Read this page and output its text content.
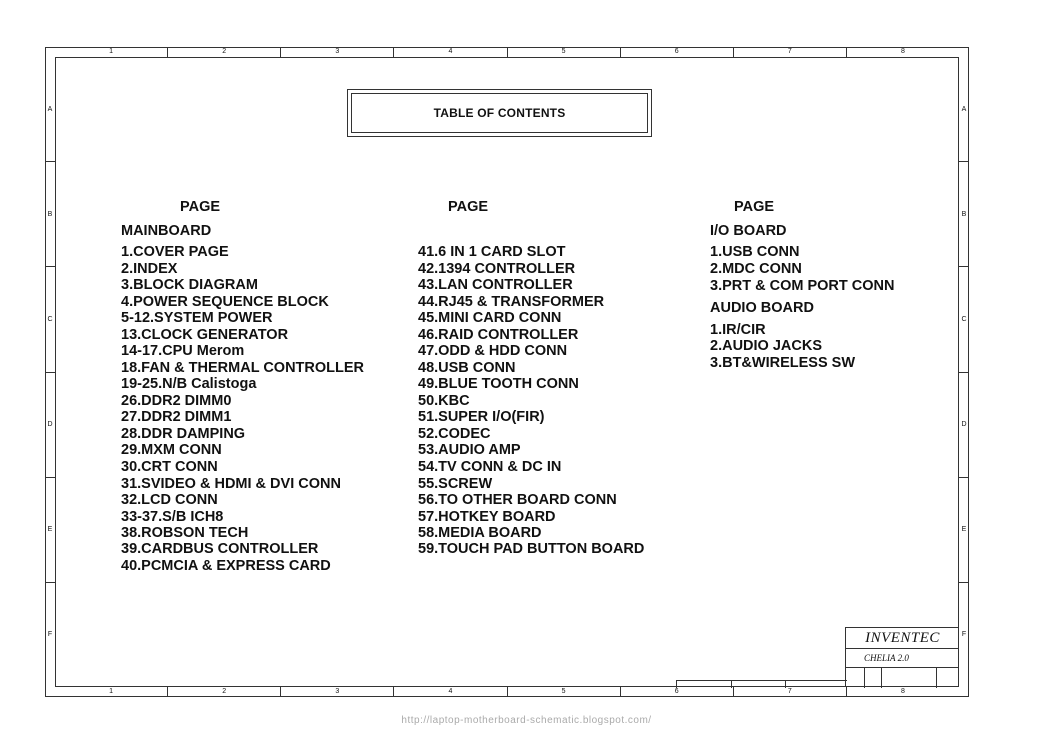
1	2	3	4	5	6	7	8
1	2	3	4	5	6	7	8
A
B
C
D
E
F
A
B
C
D
E
F
TABLE OF CONTENTS
PAGE
MAINBOARD
1.COVER PAGE
2.INDEX
3.BLOCK DIAGRAM
4.POWER SEQUENCE BLOCK
5-12.SYSTEM POWER
13.CLOCK GENERATOR
14-17.CPU Merom
18.FAN & THERMAL CONTROLLER
19-25.N/B Calistoga
26.DDR2 DIMM0
27.DDR2 DIMM1
28.DDR DAMPING
29.MXM CONN
30.CRT CONN
31.SVIDEO & HDMI & DVI CONN
32.LCD CONN
33-37.S/B ICH8
38.ROBSON TECH
39.CARDBUS CONTROLLER
40.PCMCIA & EXPRESS CARD
PAGE
41.6 IN 1 CARD SLOT
42.1394 CONTROLLER
43.LAN CONTROLLER
44.RJ45 & TRANSFORMER
45.MINI CARD CONN
46.RAID CONTROLLER
47.ODD & HDD CONN
48.USB CONN
49.BLUE TOOTH CONN
50.KBC
51.SUPER I/O(FIR)
52.CODEC
53.AUDIO AMP
54.TV CONN & DC IN
55.SCREW
56.TO OTHER BOARD CONN
57.HOTKEY BOARD
58.MEDIA BOARD
59.TOUCH PAD BUTTON BOARD
PAGE
I/O BOARD
1.USB CONN
2.MDC CONN
3.PRT & COM PORT CONN
AUDIO BOARD
1.IR/CIR
2.AUDIO JACKS
3.BT&WIRELESS SW
INVENTEC
CHELIA 2.0
http://laptop-motherboard-schematic.blogspot.com/
